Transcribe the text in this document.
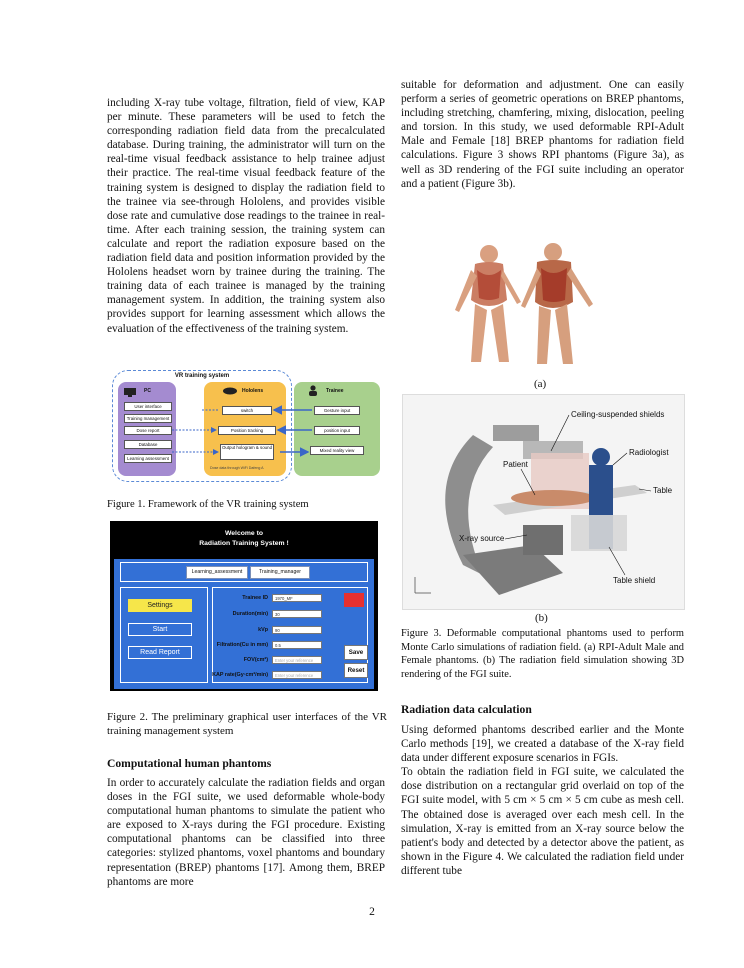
including X-ray tube voltage, filtration, field of view, KAP per minute. These parameters will be used to fetch the corresponding radiation field data from the precalculated database. During training, the administrator will turn on the real-time visual feedback assistance to help trainee adjust their practice. The real-time visual feedback feature of the training system is designed to display the radiation field to the trainee via see-through Hololens, and provides visible dose rate and cumulative dose readings to the trainee in real-time. After each training session, the training system can calculate and report the radiation exposure based on the radiation field data and position information provided by the Hololens headset worn by trainee during the training. The training data of each trainee is managed by the training management system. In addition, the training system also provides support for learning assessment which allows the evaluation of the effectiveness of the training system.

VR training system
PC
User interface
Training management
Dose report
Database
Learning assessment
Hololens
switch
Position tracking
Output hologram & sound
Dose data through WiFi Dafeng A
Trainee
Gesture input
position input
Mixed reality view
Figure 1. Framework of the VR training system
Welcome to
Radiation Training System !
Learning_assessment	Training_manager
Settings
Start
Read Report
Trainee ID	1970_MF
Duration(min)	30
kVp	90
Filtration(Cu in mm)	0.5
FOV(cm²)	Enter your reference
KAP rate(Gy·cm²/min)	Enter your reference
Exit
Save
Reset
Figure 2. The preliminary graphical user interfaces of the VR training management system
Computational human phantoms

In order to accurately calculate the radiation fields and organ doses in the FGI suite, we used deformable whole-body computational human phantoms to simulate the patient who are exposed to X-rays during the FGI procedure. Existing computational phantoms can be classified into three categories: stylized phantoms, voxel phantoms and boundary representation (BREP) phantoms [17]. Among them, BREP phantoms are more

suitable for deformation and adjustment. One can easily perform a series of geometric operations on BREP phantoms, including stretching, chamfering, mixing, dislocation, peeling and torsion. In this study, we used deformable RPI-Adult Male and Female [18] BREP phantoms for radiation field calculations. Figure 3 shows RPI phantoms (Figure 3a), as well as 3D rendering of the FGI suite including an operator and a patient (Figure 3b).

(a)
Ceiling-suspended shields
Radiologist
Patient
Table
X-ray source
Table shield
(b)
Figure 3. Deformable computational phantoms used to perform Monte Carlo simulations of radiation field. (a) RPI-Adult Male and Female phantoms. (b) The radiation field simulation showing 3D rendering of the FGI suite.
Radiation data calculation

Using deformed phantoms described earlier and the Monte Carlo methods [19], we created a database of the X-ray field data under different exposure scenarios in FGIs.

To obtain the radiation field in FGI suite, we calculated the dose distribution on a rectangular grid overlaid on top of the FGI suite model, with 5 cm × 5 cm × 5 cm cube as mesh cell. The obtained dose is averaged over each mesh cell. In the simulation, X-ray is emitted from an X-ray source below the patient's body and detected by a detector above the patient, as shown in the Figure 4. We calculated the radiation field under different tube

2
